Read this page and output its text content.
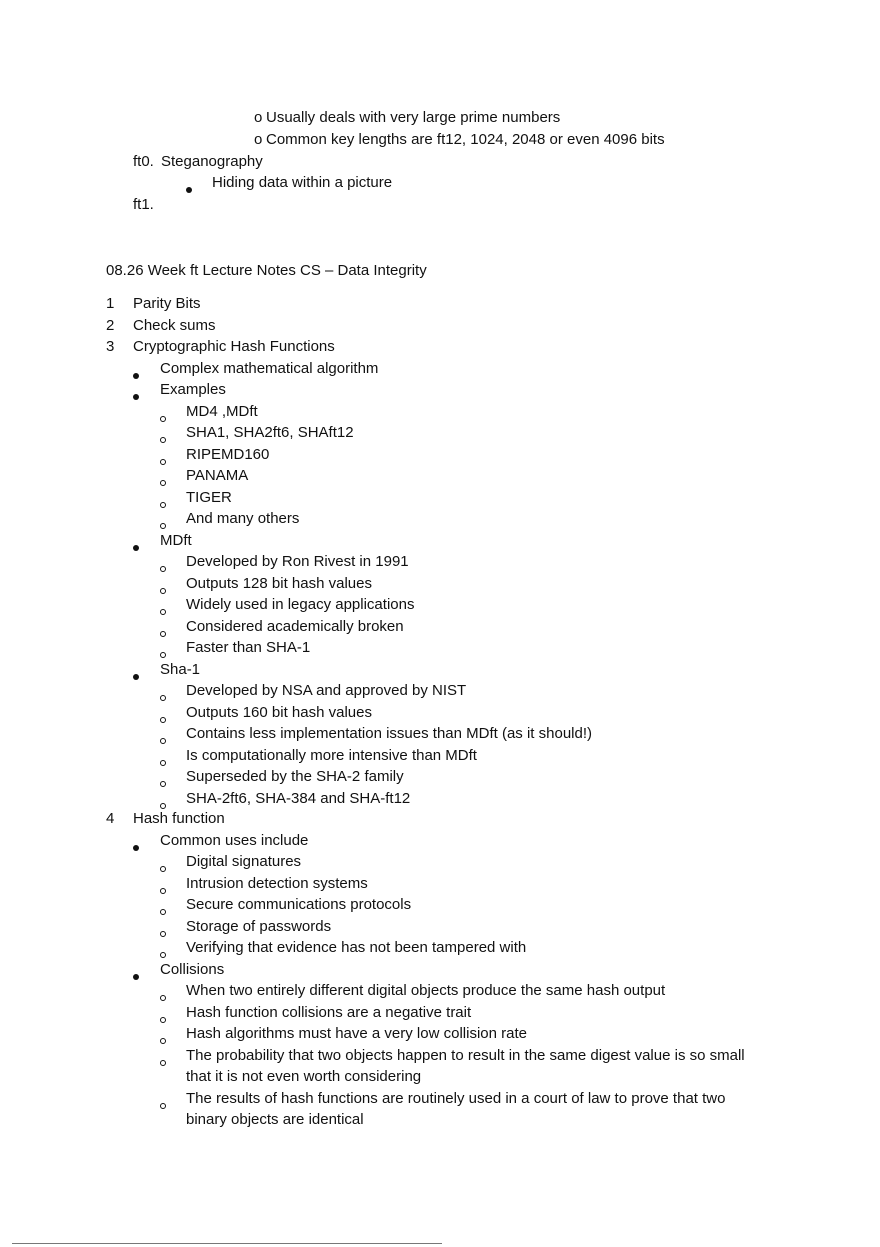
o Usually deals with very large prime numbers
o Common key lengths are ft12, 1024, 2048 or even 4096 bits
ft0. Steganography
Hiding data within a picture
ft1.
08.26 Week ft Lecture Notes CS – Data Integrity
1 Parity Bits
2 Check sums
3 Cryptographic Hash Functions
Complex mathematical algorithm
Examples
MD4 ,MDft
SHA1, SHA2ft6, SHAft12
RIPEMD160
PANAMA
TIGER
And many others
MDft
Developed by Ron Rivest in 1991
Outputs 128 bit hash values
Widely used in legacy applications
Considered academically broken
Faster than SHA-1
Sha-1
Developed by NSA and approved by NIST
Outputs 160 bit hash values
Contains less implementation issues than MDft (as it should!)
Is computationally more intensive than MDft
Superseded by the SHA-2 family
SHA-2ft6, SHA-384 and SHA-ft12
4 Hash function
Common uses include
Digital signatures
Intrusion detection systems
Secure communications protocols
Storage of passwords
Verifying that evidence has not been tampered with
Collisions
When two entirely different digital objects produce the same hash output
Hash function collisions are a negative trait
Hash algorithms must have a very low collision rate
The probability that two objects happen to result in the same digest value is so small
that it is not even worth considering
The results of hash functions are routinely used in a court of law to prove that two
binary objects are identical
